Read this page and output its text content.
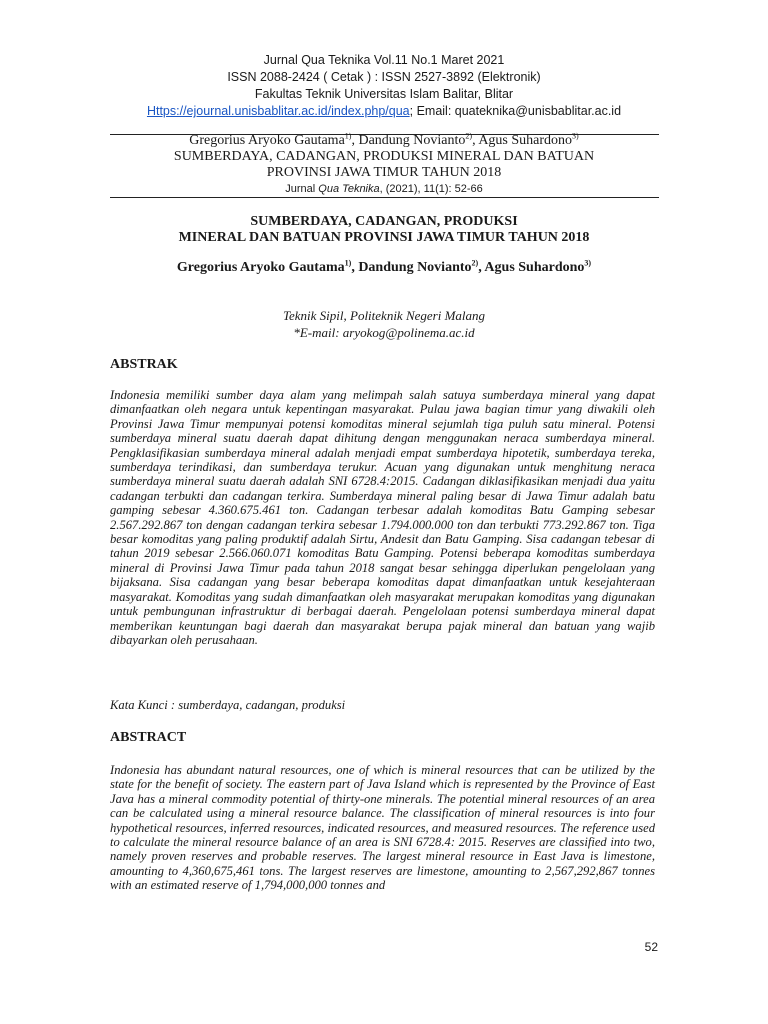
Jurnal Qua Teknika Vol.11 No.1 Maret 2021
ISSN 2088-2424 ( Cetak ) : ISSN 2527-3892 (Elektronik)
Fakultas Teknik Universitas Islam Balitar, Blitar
Https://ejournal.unisbablitar.ac.id/index.php/qua; Email: quateknika@unisbablitar.ac.id
Gregorius Aryoko Gautama$^{1)}$, Dandung Novianto$^{2)}$, Agus Suhardono$^{3)}$
SUMBERDAYA, CADANGAN, PRODUKSI MINERAL DAN BATUAN
PROVINSI JAWA TIMUR TAHUN 2018
Jurnal Qua Teknika, (2021), 11(1): 52-66
SUMBERDAYA, CADANGAN, PRODUKSI
MINERAL DAN BATUAN PROVINSI JAWA TIMUR TAHUN 2018
Gregorius Aryoko Gautama$^{1)}$, Dandung Novianto$^{2)}$, Agus Suhardono$^{3)}$
Teknik Sipil, Politeknik Negeri Malang
*E-mail: aryokog@polinema.ac.id
ABSTRAK

Indonesia memiliki sumber daya alam yang melimpah salah satuya sumberdaya mineral yang dapat dimanfaatkan oleh negara untuk kepentingan masyarakat. Pulau jawa bagian timur yang diwakili oleh Provinsi Jawa Timur mempunyai potensi komoditas mineral sejumlah tiga puluh satu mineral. Potensi sumberdaya mineral suatu daerah dapat dihitung dengan menggunakan neraca sumberdaya mineral. Pengklasifikasian sumberdaya mineral adalah menjadi empat sumberdaya hipotetik, sumberdaya tereka, sumberdaya terindikasi, dan sumberdaya terukur. Acuan yang digunakan untuk menghitung neraca sumberdaya mineral suatu daerah adalah SNI 6728.4:2015. Cadangan diklasifikasikan menjadi dua yaitu cadangan terbukti dan cadangan terkira. Sumberdaya mineral paling besar di Jawa Timur adalah batu gamping sebesar 4.360.675.461 ton. Cadangan terbesar adalah komoditas Batu Gamping sebesar 2.567.292.867 ton dengan cadangan terkira sebesar 1.794.000.000 ton dan terbukti 773.292.867 ton. Tiga besar komoditas yang paling produktif adalah Sirtu, Andesit dan Batu Gamping. Sisa cadangan tebesar di tahun 2019 sebesar 2.566.060.071 komoditas Batu Gamping. Potensi beberapa komoditas sumberdaya mineral di Provinsi Jawa Timur pada tahun 2018 sangat besar sehingga diperlukan pengelolaan yang bijaksana. Sisa cadangan yang besar beberapa komoditas dapat dimanfaatkan untuk kesejahteraan masyarakat. Komoditas yang sudah dimanfaatkan oleh masyarakat merupakan komoditas yang digunakan untuk pembungunan infrastruktur di berbagai daerah. Pengelolaan potensi sumberdaya mineral dapat memberikan keuntungan bagi daerah dan masyarakat berupa pajak mineral dan batuan yang wajib dibayarkan oleh perusahaan.

Kata Kunci : sumberdaya, cadangan, produksi
ABSTRACT

Indonesia has abundant natural resources, one of which is mineral resources that can be utilized by the state for the benefit of society. The eastern part of Java Island which is represented by the Province of East Java has a mineral commodity potential of thirty-one minerals. The potential mineral resources of an area can be calculated using a mineral resource balance. The classification of mineral resources is into four hypothetical resources, inferred resources, indicated resources, and measured resources. The reference used to calculate the mineral resource balance of an area is SNI 6728.4: 2015. Reserves are classified into two, namely proven reserves and probable reserves. The largest mineral resource in East Java is limestone, amounting to 4,360,675,461 tons. The largest reserves are limestone, amounting to 2,567,292,867 tonnes with an estimated reserve of 1,794,000,000 tonnes and

52
